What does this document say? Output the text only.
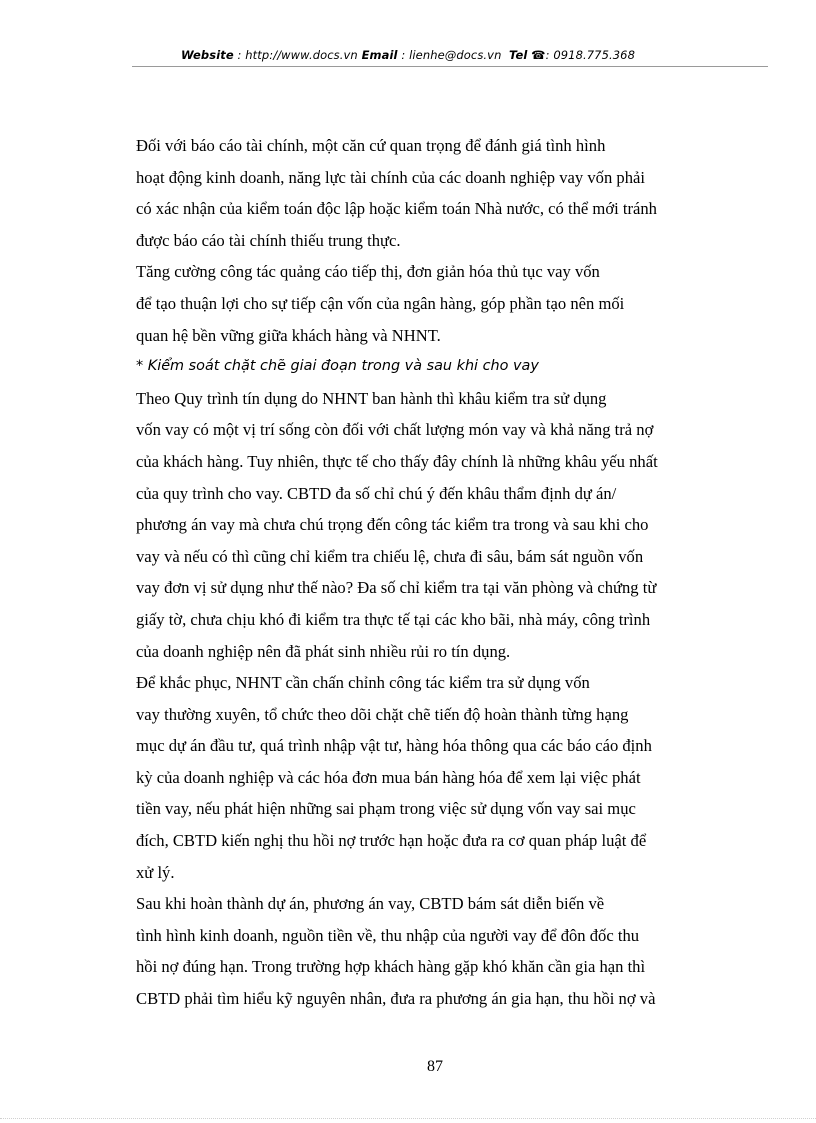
Website : http://www.docs.vn Email : lienhe@docs.vn Tel ☎: 0918.775.368
Đối với báo cáo tài chính, một căn cứ quan trọng để đánh giá tình hình
hoạt động kinh doanh, năng lực tài chính của các doanh nghiệp vay vốn phải
có xác nhận của kiểm toán độc lập hoặc kiểm toán Nhà nước, có thể mới tránh
được báo cáo tài chính thiếu trung thực.
Tăng cường công tác quảng cáo tiếp thị, đơn giản hóa thủ tục vay vốn
để tạo thuận lợi cho sự tiếp cận vốn của ngân hàng, góp phần tạo nên mối
quan hệ bền vững giữa khách hàng và NHNT.
* Kiểm soát chặt chẽ giai đoạn trong và sau khi cho vay
Theo Quy trình tín dụng do NHNT ban hành thì khâu kiểm tra sử dụng
vốn vay có một vị trí sống còn đối với chất lượng món vay và khả năng trả nợ
của khách hàng. Tuy nhiên, thực tế cho thấy đây chính là những khâu yếu nhất
của quy trình cho vay. CBTD đa số chỉ chú ý đến khâu thẩm định dự án/
phương án vay mà chưa chú trọng đến công tác kiểm tra trong và sau khi cho
vay và nếu có thì cũng chỉ kiểm tra chiếu lệ, chưa đi sâu, bám sát nguồn vốn
vay đơn vị sử dụng như thế nào? Đa số chỉ kiểm tra tại văn phòng và chứng từ
giấy tờ, chưa chịu khó đi kiểm tra thực tế tại các kho bãi, nhà máy, công trình
của doanh nghiệp nên đã phát sinh nhiều rủi ro tín dụng.
Để khắc phục, NHNT cần chấn chỉnh công tác kiểm tra sử dụng vốn
vay thường xuyên, tổ chức theo dõi chặt chẽ tiến độ hoàn thành từng hạng
mục dự án đầu tư, quá trình nhập vật tư, hàng hóa thông qua các báo cáo định
kỳ của doanh nghiệp và các hóa đơn mua bán hàng hóa để xem lại việc phát
tiền vay, nếu phát hiện những sai phạm trong việc sử dụng vốn vay sai mục
đích, CBTD kiến nghị thu hồi nợ trước hạn hoặc đưa ra cơ quan pháp luật để
xử lý.
Sau khi hoàn thành dự án, phương án vay, CBTD bám sát diễn biến về
tình hình kinh doanh, nguồn tiền về, thu nhập của người vay để đôn đốc thu
hồi nợ đúng hạn. Trong trường hợp khách hàng gặp khó khăn cần gia hạn thì
CBTD phải tìm hiểu kỹ nguyên nhân, đưa ra phương án gia hạn, thu hồi nợ và
87
